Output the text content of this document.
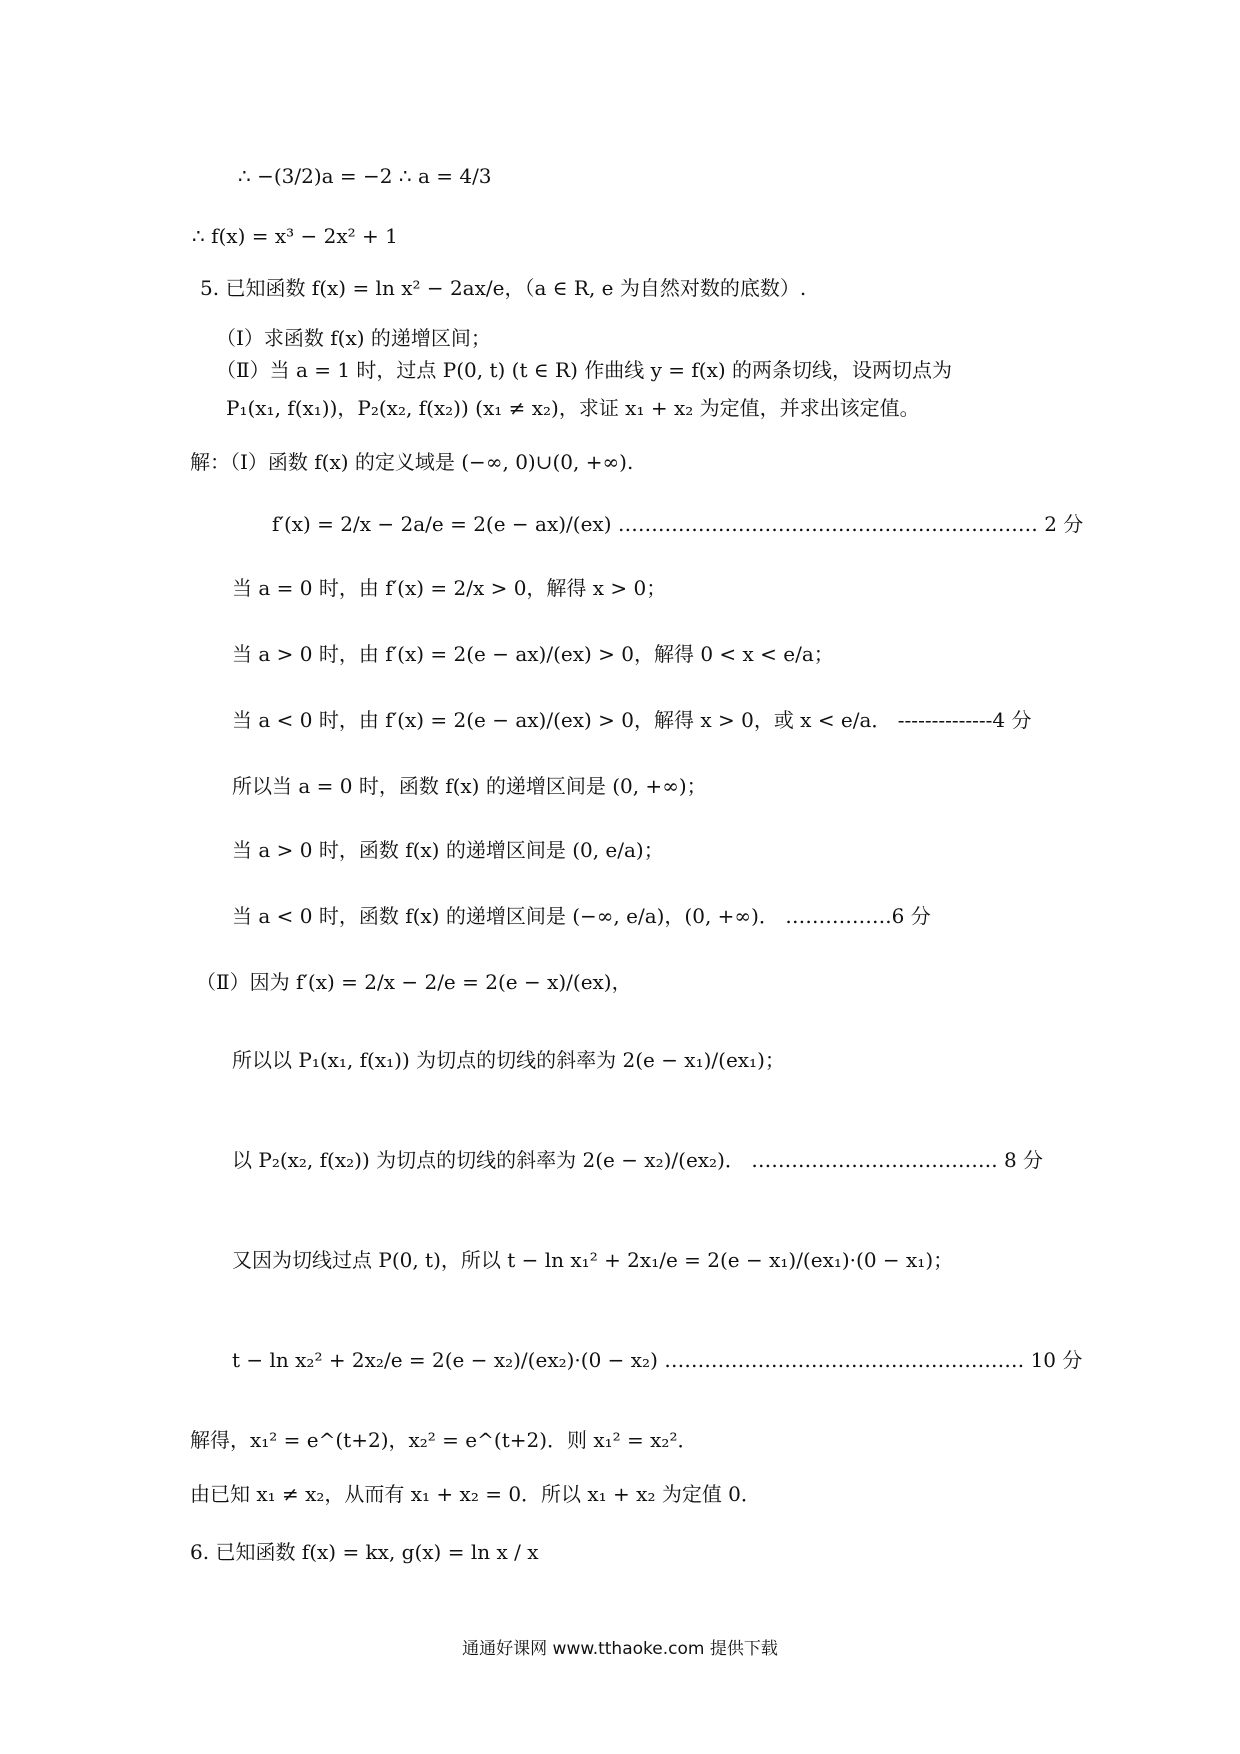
∴ −(3/2)a = −2 ∴ a = 4/3
∴ f(x) = x³ − 2x² + 1
5. 已知函数 f(x) = ln x² − 2ax/e，（a ∈ R, e 为自然对数的底数）.
（Ⅰ）求函数 f(x) 的递增区间；
（Ⅱ）当 a = 1 时，过点 P(0, t) (t ∈ R) 作曲线 y = f(x) 的两条切线，设两切点为
P₁(x₁, f(x₁))，P₂(x₂, f(x₂)) (x₁ ≠ x₂)，求证 x₁ + x₂ 为定值，并求出该定值。
解：（Ⅰ）函数 f(x) 的定义域是 (−∞, 0)∪(0, +∞).
f′(x) = 2/x − 2a/e = 2(e − ax)/(ex) ……………………………………………………… 2 分
当 a = 0 时，由 f′(x) = 2/x > 0，解得 x > 0；
当 a > 0 时，由 f′(x) = 2(e − ax)/(ex) > 0，解得 0 < x < e/a；
当 a < 0 时，由 f′(x) = 2(e − ax)/(ex) > 0，解得 x > 0，或 x < e/a． --------------4 分
所以当 a = 0 时，函数 f(x) 的递增区间是 (0, +∞)；
当 a > 0 时，函数 f(x) 的递增区间是 (0, e/a)；
当 a < 0 时，函数 f(x) 的递增区间是 (−∞, e/a)，(0, +∞)． …………….6 分
（Ⅱ）因为 f′(x) = 2/x − 2/e = 2(e − x)/(ex)，
所以以 P₁(x₁, f(x₁)) 为切点的切线的斜率为 2(e − x₁)/(ex₁)；
以 P₂(x₂, f(x₂)) 为切点的切线的斜率为 2(e − x₂)/(ex₂)． ………………………………. 8 分
又因为切线过点 P(0, t)，所以 t − ln x₁² + 2x₁/e = 2(e − x₁)/(ex₁)·(0 − x₁)；
t − ln x₂² + 2x₂/e = 2(e − x₂)/(ex₂)·(0 − x₂) ……………………………………………… 10 分
解得，x₁² = e^(t+2)，x₂² = e^(t+2)．则 x₁² = x₂²．
由已知 x₁ ≠ x₂，从而有 x₁ + x₂ = 0．所以 x₁ + x₂ 为定值 0．
6. 已知函数 f(x) = kx, g(x) = ln x / x
通通好课网 www.tthaoke.com 提供下载
